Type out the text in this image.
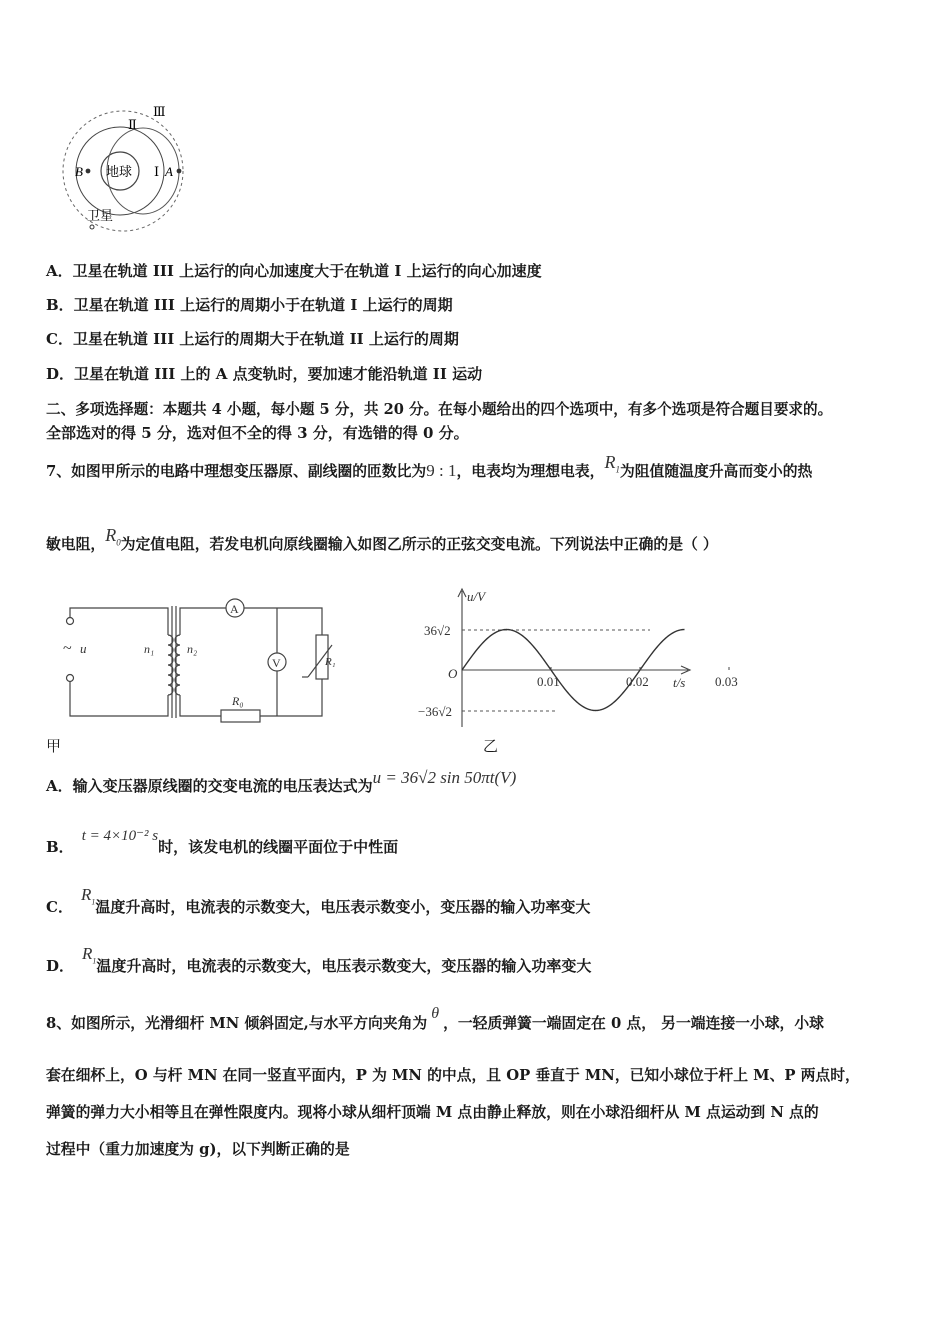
地球
Ⅲ
Ⅱ
Ⅰ
B	A
卫星
A．卫星在轨道 III 上运行的向心加速度大于在轨道 I 上运行的向心加速度
B．卫星在轨道 III 上运行的周期小于在轨道 I 上运行的周期
C．卫星在轨道 III 上运行的周期大于在轨道 II 上运行的周期
D．卫星在轨道 III 上的 A 点变轨时，要加速才能沿轨道 II 运动
二、多项选择题：本题共 4 小题，每小题 5 分，共 20 分。在每小题给出的四个选项中，有多个选项是符合题目要求的。
全部选对的得 5 分，选对但不全的得 3 分，有选错的得 0 分。
7、如图甲所示的电路中理想变压器原、副线圈的匝数比为9 : 1，电表均为理想电表，$R_1$为阻值随温度升高而变小的热
敏电阻，$R_0$为定值电阻，若发电机向原线圈输入如图乙所示的正弦交变电流。下列说法中正确的是（ ）
~ u	n₁	n₂
A
V	R₁
R₀
甲
0.01	0.02	0.03
u/V
t/s
O
36√2
−36√2
乙
A．输入变压器原线圈的交变电流的电压表达式为u = 36√2 sin 50πt(V)
B．t = 4×10⁻² s时，该发电机的线圈平面位于中性面
C．$R_1$温度升高时，电流表的示数变大，电压表示数变小，变压器的输入功率变大
D．$R_1$温度升高时，电流表的示数变大，电压表示数变大，变压器的输入功率变大
8、如图所示，光滑细杆 MN 倾斜固定,与水平方向夹角为θ，一轻质弹簧一端固定在 0 点， 另一端连接一小球，小球
套在细杯上，O 与杆 MN 在同一竖直平面内，P 为 MN 的中点，且 OP 垂直于 MN，已知小球位于杆上 M、P 两点时，
弹簧的弹力大小相等且在弹性限度内。现将小球从细杆顶端 M 点由静止释放，则在小球沿细杆从 M 点运动到 N 点的
过程中（重力加速度为 g)，以下判断正确的是
